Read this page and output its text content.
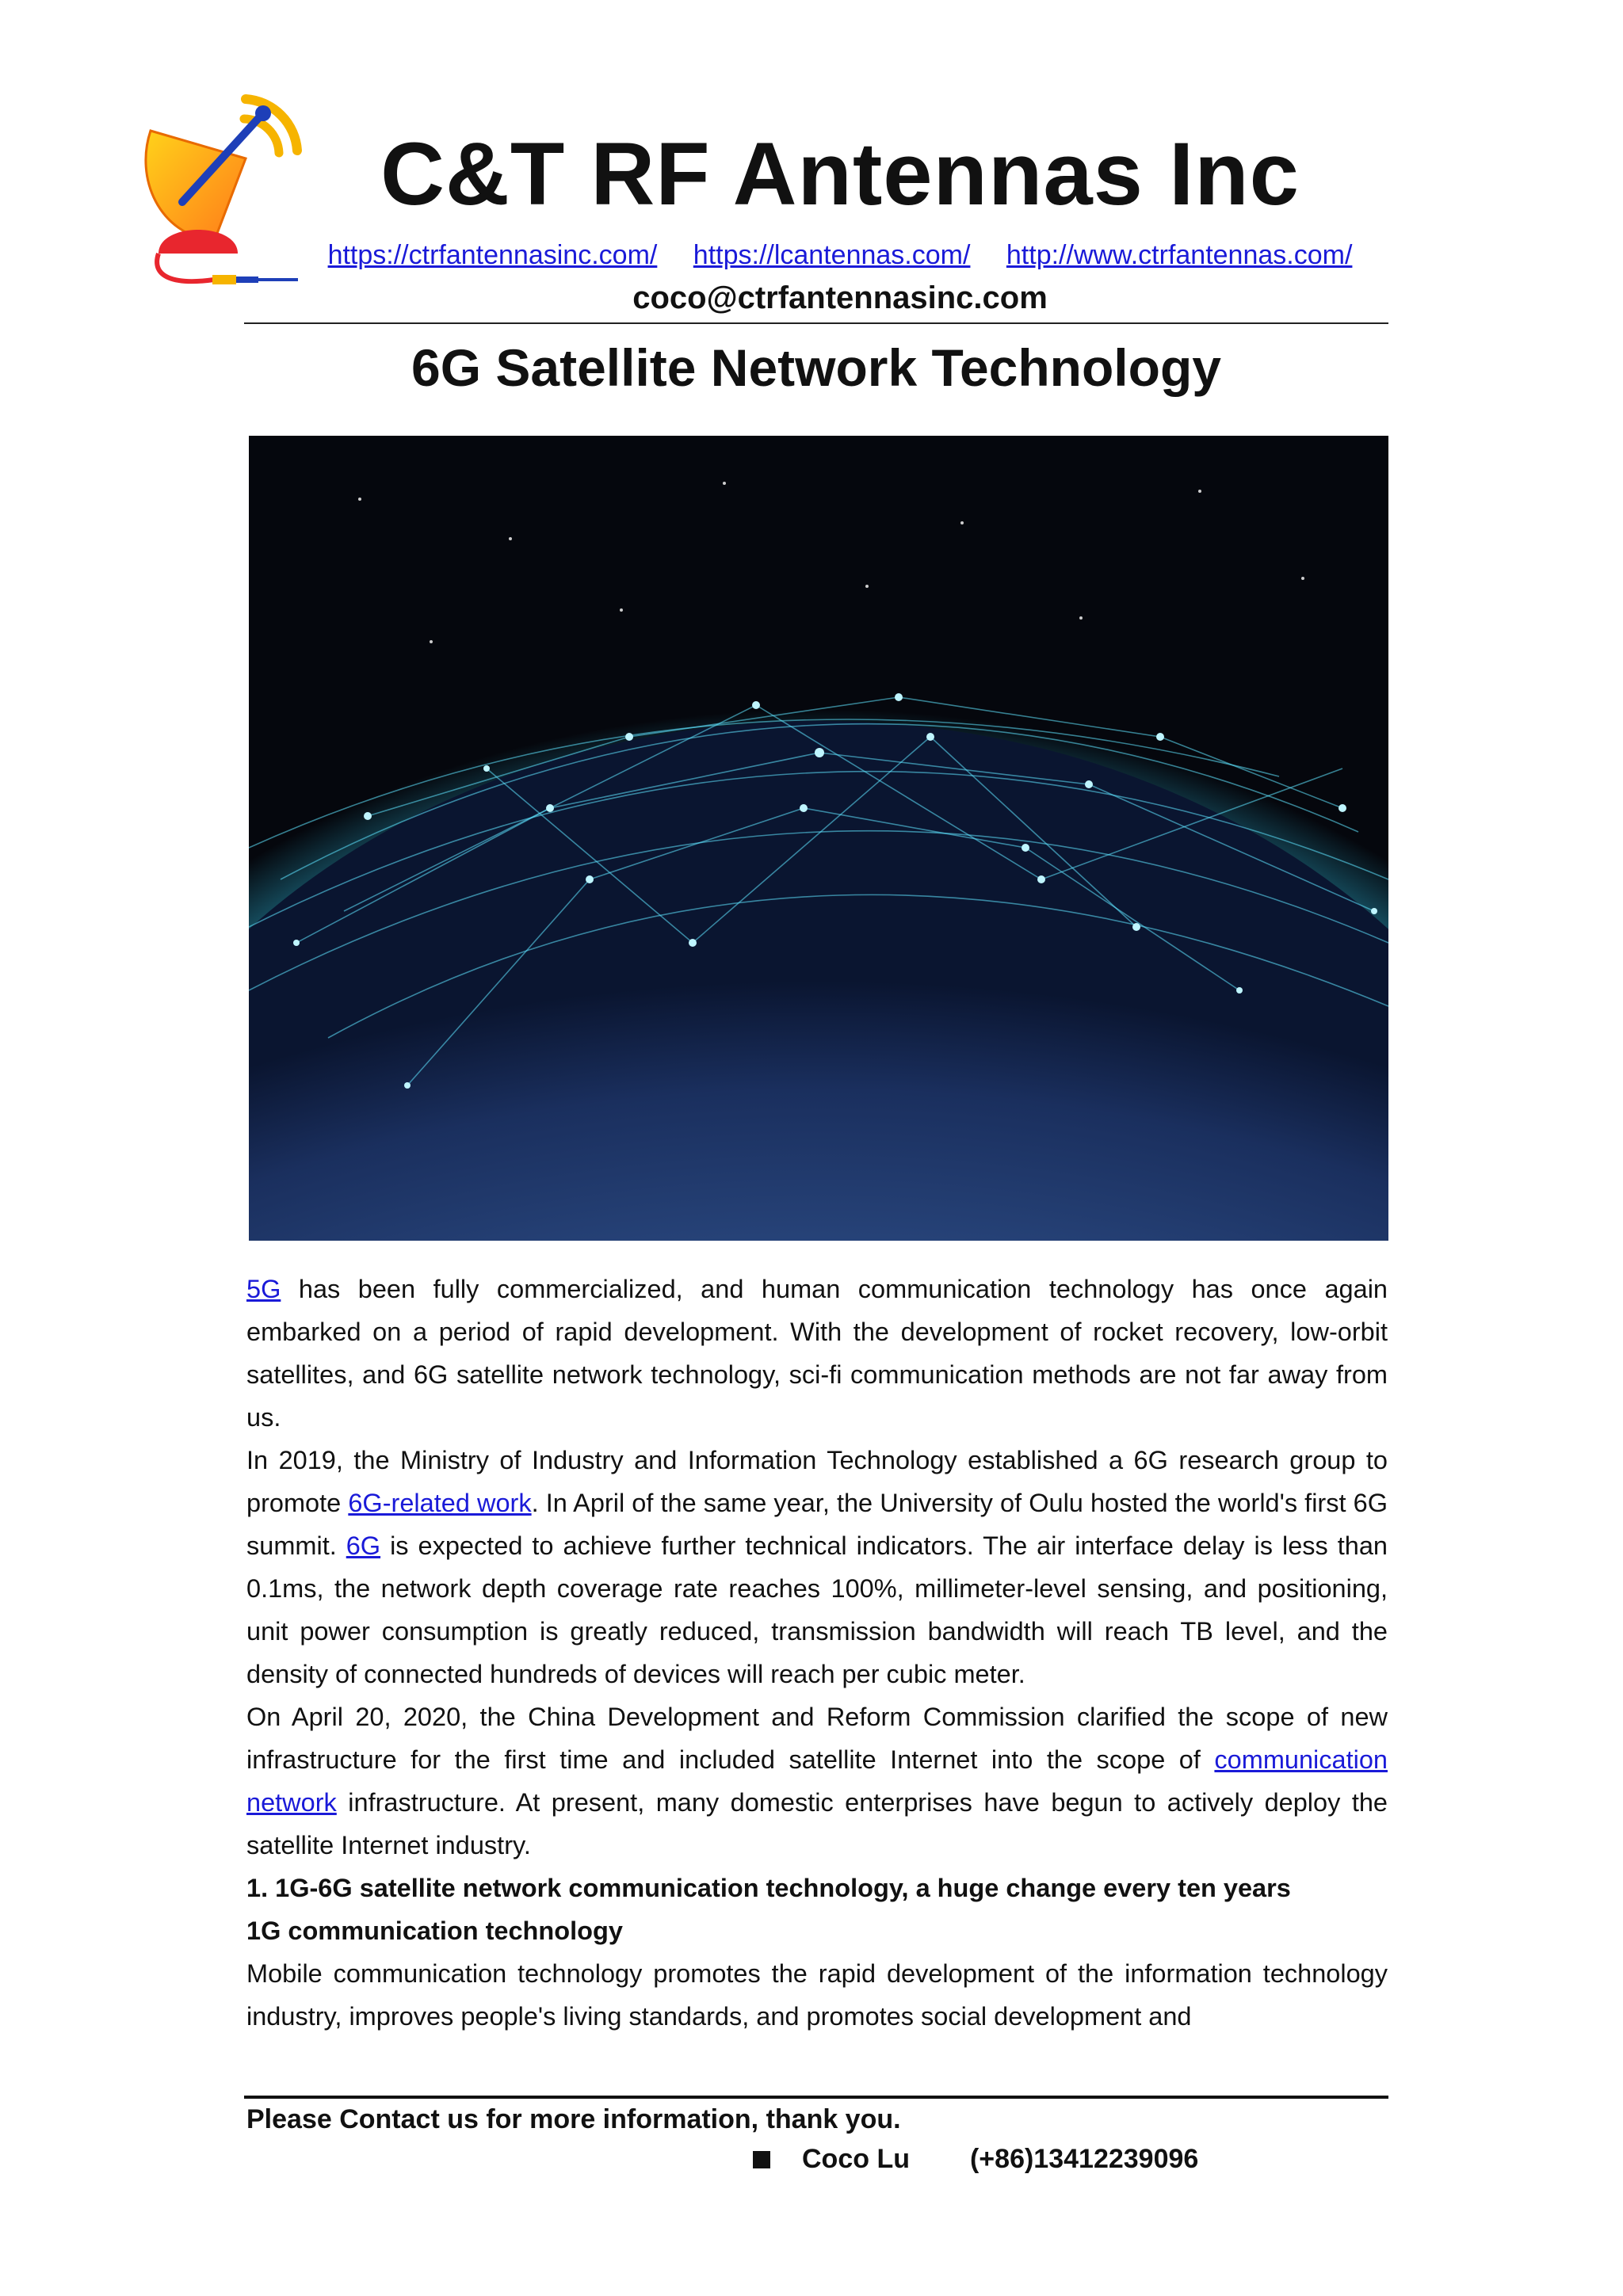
C&T RF Antennas Inc
https://ctrfantennasinc.com/ https://lcantennas.com/ http://www.ctrfantennas.com/
coco@ctrfantennasinc.com
6G Satellite Network Technology

5G has been fully commercialized, and human communication technology has once again embarked on a period of rapid development. With the development of rocket recovery, low-orbit satellites, and 6G satellite network technology, sci-fi communication methods are not far away from us.

In 2019, the Ministry of Industry and Information Technology established a 6G research group to promote 6G-related work. In April of the same year, the University of Oulu hosted the world's first 6G summit. 6G is expected to achieve further technical indicators. The air interface delay is less than 0.1ms, the network depth coverage rate reaches 100%, millimeter-level sensing, and positioning, unit power consumption is greatly reduced, transmission bandwidth will reach TB level, and the density of connected hundreds of devices will reach per cubic meter.

On April 20, 2020, the China Development and Reform Commission clarified the scope of new infrastructure for the first time and included satellite Internet into the scope of communication network infrastructure. At present, many domestic enterprises have begun to actively deploy the satellite Internet industry.

1. 1G-6G satellite network communication technology, a huge change every ten years

1G communication technology

Mobile communication technology promotes the rapid development of the information technology industry, improves people's living standards, and promotes social development and

Please Contact us for more information, thank you.
Coco Lu (+86)13412239096
